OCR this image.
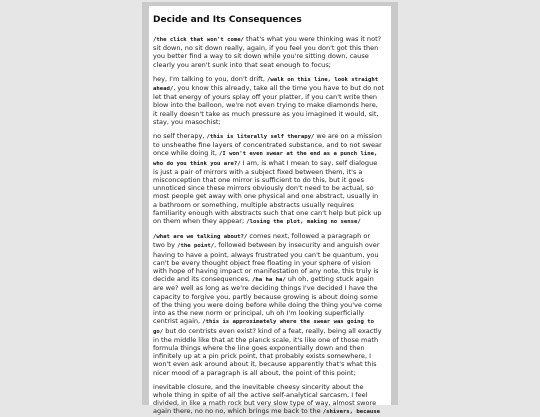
Decide and Its Consequences

/the click that won't come/ that's what you were thinking was it not? sit down, no sit down really, again, if you feel you don't got this then you better find a way to sit down while you're sitting down, cause clearly you aren't sunk into that seat enough to focus;

hey, I'm talking to you, don't drift, /walk on this line, look straight ahead/, you know this already, take all the time you have to but do not let that energy of yours splay off your platter, if you can't write then blow into the balloon, we're not even trying to make diamonds here, it really doesn't take as much pressure as you imagined it would, sit, stay, you masochist;

no self therapy, /this is literally self therapy/ we are on a mission to unsheathe fine layers of concentrated substance, and to not swear once while doing it, /I won't even swear at the end as a punch line, who do you think you are?/ I am, is what I mean to say, self dialogue is just a pair of mirrors with a subject fixed between them, it's a misconception that one mirror is sufficient to do this, but it goes unnoticed since these mirrors obviously don't need to be actual, so most people get away with one physical and one abstract, usually in a bathroom or something, multiple abstracts usually requires familiarity enough with abstracts such that one can't help but pick up on them when they appear; /losing the plot, making no sense/

/what are we talking about?/ comes next, followed a paragraph or two by /the point/, followed between by insecurity and anguish over having to have a point, always frustrated you can't be quantum, you can't be every thought object free floating in your sphere of vision with hope of having impact or manifestation of any note, this truly is decide and its consequences, /ha ha ha/ uh oh, getting stuck again are we? well as long as we're deciding things I've decided I have the capacity to forgive you, partly because growing is about doing some of the thing you were doing before while doing the thing you've come into as the new norm or principal, uh oh I'm looking superficially centrist again, /this is approximately where the swear was going to go/ but do centrists even exist? kind of a feat, really, being all exactly in the middle like that at the planck scale, it's like one of those math formula things where the line goes exponentially down and then infinitely up at a pin prick point, that probably exists somewhere, I won't even ask around about it, because apparently that's what this nicer mood of a paragraph is all about, the point of this point;

inevitable closure, and the inevitable cheesy sincerity about the whole thing in spite of all the active self-analytical sarcasm, I feel divided, in like a math rock but very slow type of way, almost swore again there, no no no, which brings me back to the /shivers, because
